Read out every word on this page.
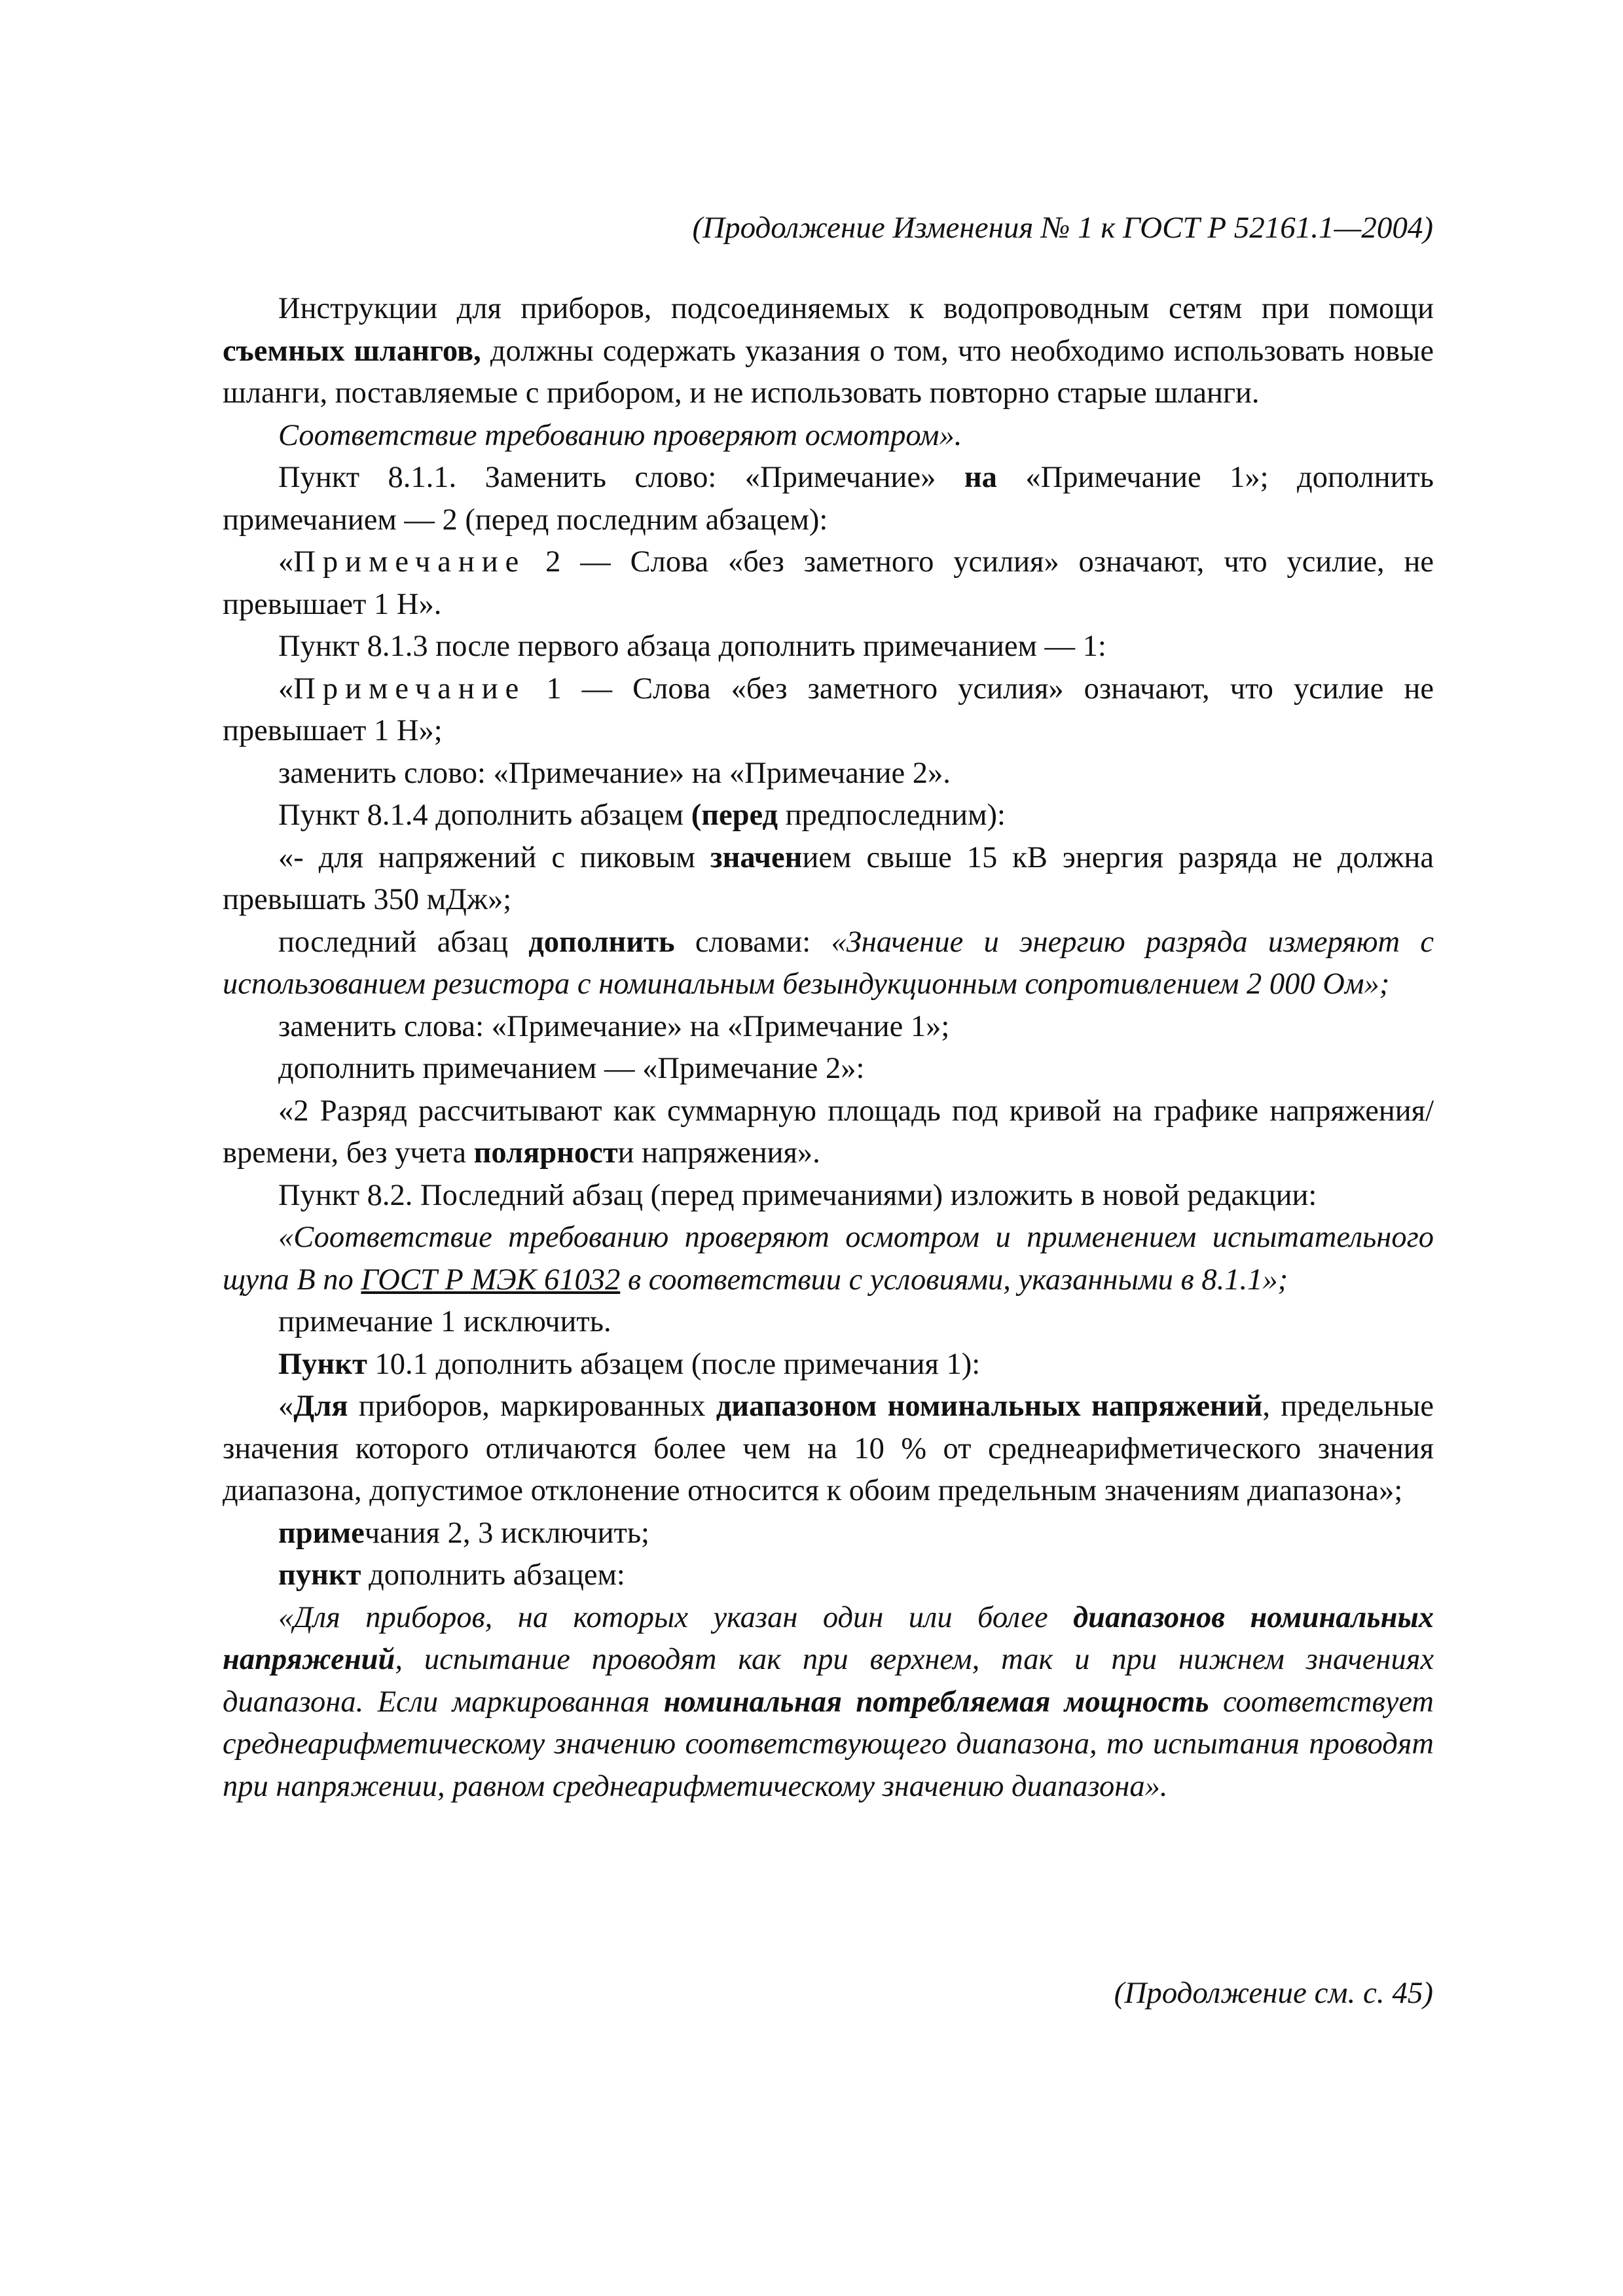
(Продолжение Изменения № 1 к ГОСТ Р 52161.1—2004)

Инструкции для приборов, подсоединяемых к водопроводным сетям при помощи съемных шлангов, должны содержать указания о том, что необходимо использовать новые шланги, поставляемые с прибором, и не использовать повторно старые шланги.

Соответствие требованию проверяют осмотром».

Пункт 8.1.1. Заменить слово: «Примечание» на «Примечание 1»; дополнить примечанием — 2 (перед последним абзацем):

«Примечание 2 — Слова «без заметного усилия» означают, что усилие, не превышает 1 Н».

Пункт 8.1.3 после первого абзаца дополнить примечанием — 1:

«Примечание 1 — Слова «без заметного усилия» означают, что усилие не превышает 1 Н»;

заменить слово: «Примечание» на «Примечание 2».

Пункт 8.1.4 дополнить абзацем (перед предпоследним):

«- для напряжений с пиковым значением свыше 15 кВ энергия разряда не должна превышать 350 мДж»;

последний абзац дополнить словами: «Значение и энергию разряда измеряют с использованием резистора с номинальным безындукционным сопротивлением 2 000 Ом»;

заменить слова: «Примечание» на «Примечание 1»;

дополнить примечанием — «Примечание 2»:

«2 Разряд рассчитывают как суммарную площадь под кривой на графике напряжения/времени, без учета полярности напряжения».

Пункт 8.2. Последний абзац (перед примечаниями) изложить в новой редакции:

«Соответствие требованию проверяют осмотром и применением испытательного щупа В по ГОСТ Р МЭК 61032 в соответствии с условиями, указанными в 8.1.1»;

примечание 1 исключить.

Пункт 10.1 дополнить абзацем (после примечания 1):

«Для приборов, маркированных диапазоном номинальных напряжений, предельные значения которого отличаются более чем на 10 % от среднеарифметического значения диапазона, допустимое отклонение относится к обоим предельным значениям диапазона»;

примечания 2, 3 исключить;

пункт дополнить абзацем:

«Для приборов, на которых указан один или более диапазонов номинальных напряжений, испытание проводят как при верхнем, так и при нижнем значениях диапазона. Если маркированная номинальная потребляемая мощность соответствует среднеарифметическому значению соответствующего диапазона, то испытания проводят при напряжении, равном среднеарифметическому значению диапазона».

(Продолжение см. с. 45)
